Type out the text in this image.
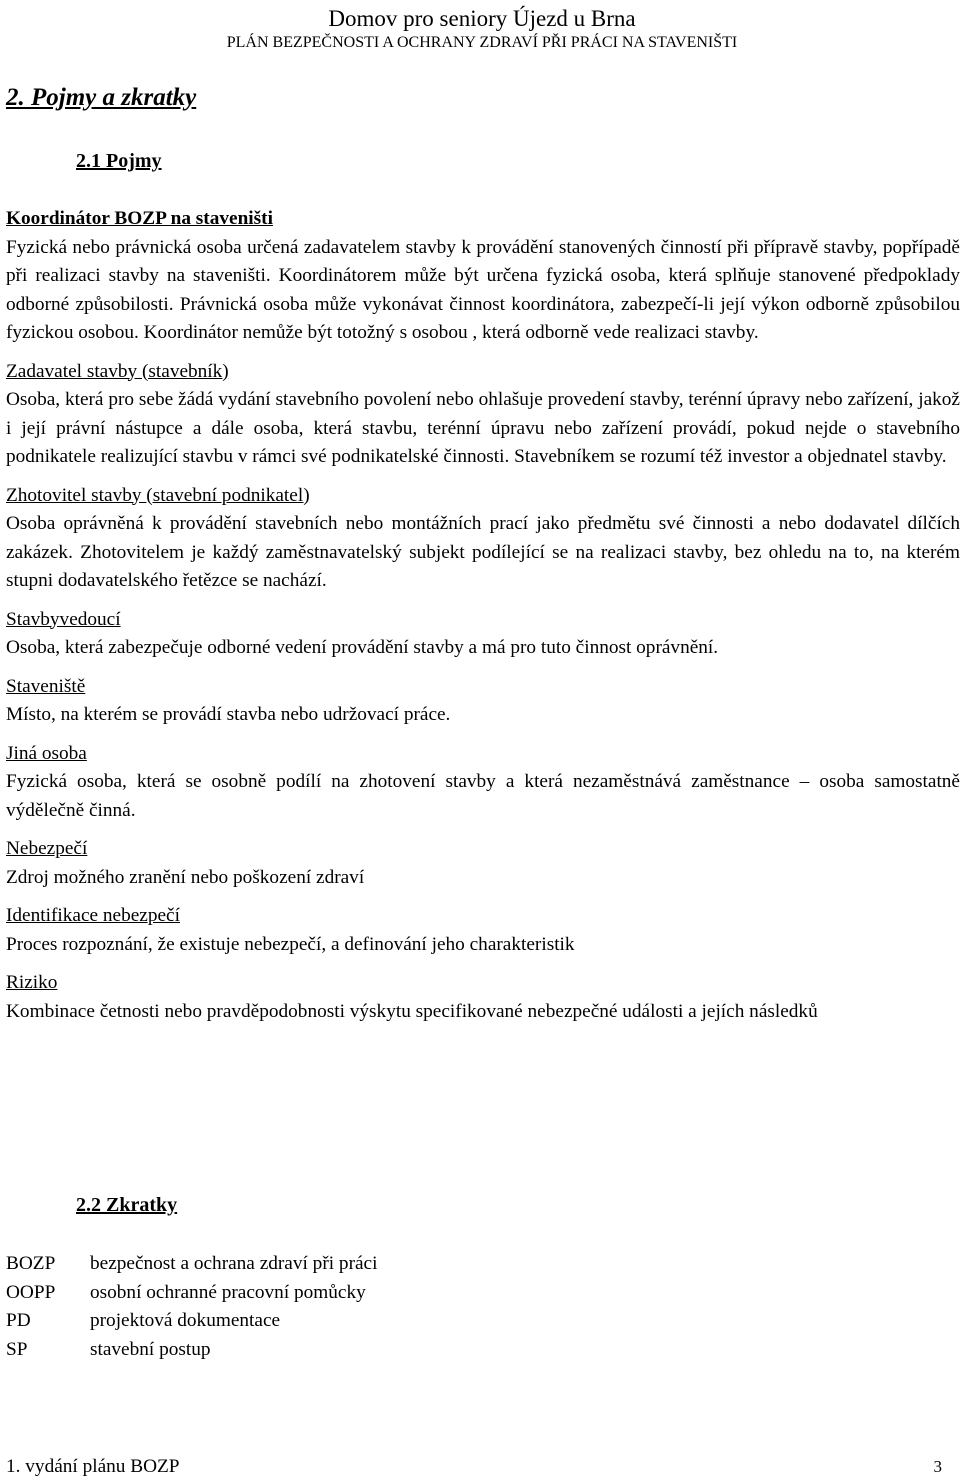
Domov pro seniory Újezd u Brna
PLÁN BEZPEČNOSTI A OCHRANY ZDRAVÍ PŘI PRÁCI NA STAVENIŠTI
2. Pojmy a zkratky
2.1 Pojmy
Koordinátor BOZP na staveništi
Fyzická nebo právnická osoba určená zadavatelem stavby k provádění stanovených činností při přípravě stavby, popřípadě při realizaci stavby na staveništi. Koordinátorem může být určena fyzická osoba, která splňuje stanovené předpoklady odborné způsobilosti. Právnická osoba může vykonávat činnost koordinátora, zabezpečí-li její výkon odborně způsobilou fyzickou osobou. Koordinátor nemůže být totožný s osobou , která odborně vede realizaci stavby.
Zadavatel stavby (stavebník)
Osoba, která pro sebe žádá vydání stavebního povolení nebo ohlašuje provedení stavby, terénní úpravy nebo zařízení, jakož i její právní nástupce a dále osoba, která stavbu, terénní úpravu nebo zařízení provádí, pokud nejde o stavebního podnikatele realizující stavbu v rámci své podnikatelské činnosti. Stavebníkem se rozumí též investor a objednatel stavby.
Zhotovitel stavby (stavební podnikatel)
Osoba oprávněná k provádění stavebních nebo montážních prací jako předmětu své činnosti a nebo dodavatel dílčích zakázek. Zhotovitelem je každý zaměstnavatelský subjekt podílející se na realizaci stavby, bez ohledu na to, na kterém stupni dodavatelského řetězce se nachází.
Stavbyvedoucí
Osoba, která zabezpečuje odborné vedení provádění stavby a má pro tuto činnost oprávnění.
Staveniště
Místo, na kterém se provádí stavba nebo udržovací práce.
Jiná osoba
Fyzická osoba, která se osobně podílí na zhotovení stavby a která nezaměstnává zaměstnance – osoba samostatně výdělečně činná.
Nebezpečí
Zdroj možného zranění nebo poškození zdraví
Identifikace nebezpečí
Proces rozpoznání, že existuje nebezpečí, a definování jeho charakteristik
Riziko
Kombinace četnosti nebo pravděpodobnosti výskytu specifikované nebezpečné události a jejích následků
2.2 Zkratky
BOZP	bezpečnost a ochrana zdraví při práci
OOPP	osobní ochranné pracovní pomůcky
PD	projektová dokumentace
SP	stavební postup
1. vydání plánu BOZP	3
